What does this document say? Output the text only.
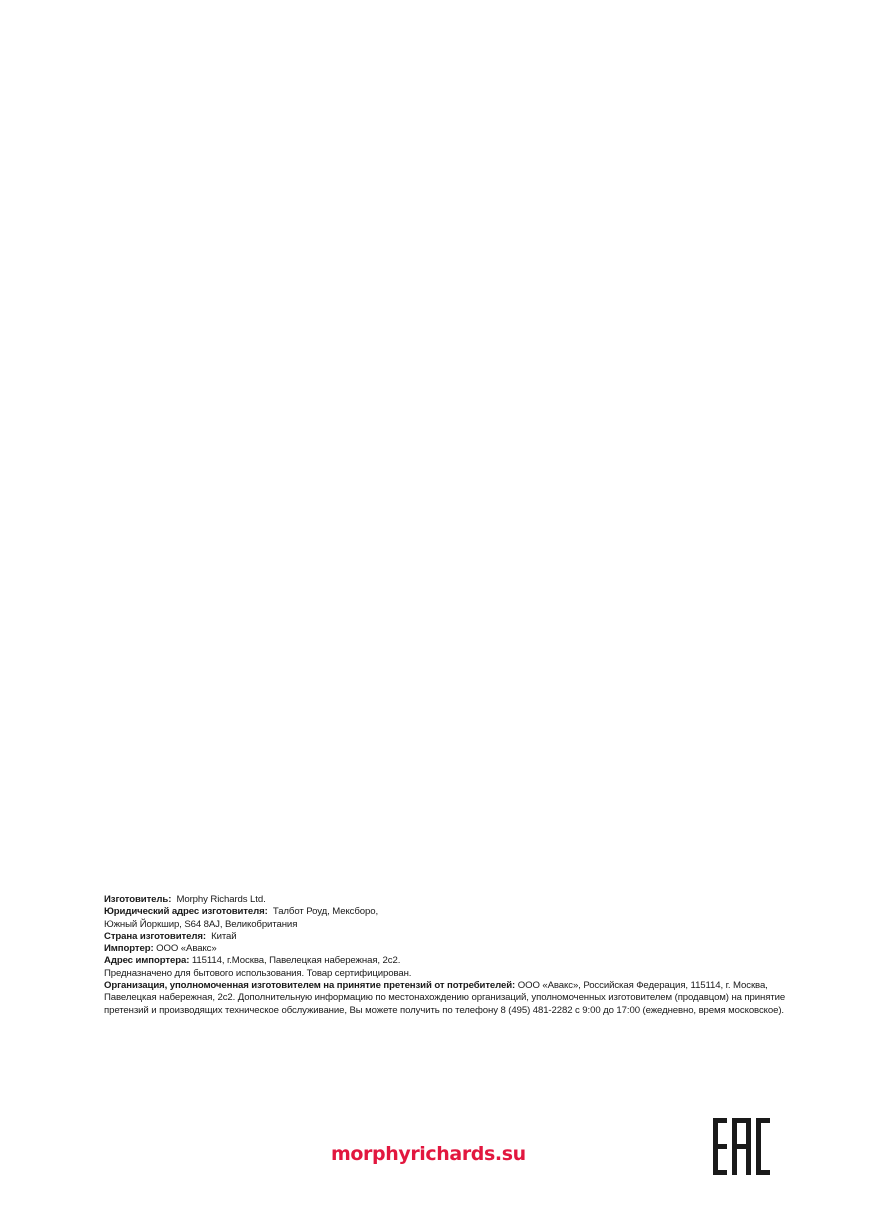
Изготовитель: Morphy Richards Ltd.
Юридический адрес изготовителя: Талбот Роуд, Мексборо,
Южный Йоркшир, S64 8AJ, Великобритания
Страна изготовителя: Китай
Импортер: ООО «Авакс»
Адрес импортера: 115114, г.Москва, Павелецкая набережная, 2с2.
Предназначено для бытового использования. Товар сертифицирован.
Организация, уполномоченная изготовителем на принятие претензий от потребителей: ООО «Авакс», Российская Федерация, 115114, г. Москва, Павелецкая набережная, 2с2. Дополнительную информацию по местонахождению организаций, уполномоченных изготовителем (продавцом) на принятие претензий и производящих техническое обслуживание, Вы можете получить по телефону 8 (495) 481-2282 с 9:00 до 17:00 (ежедневно, время московское).
morphyrichards.su
